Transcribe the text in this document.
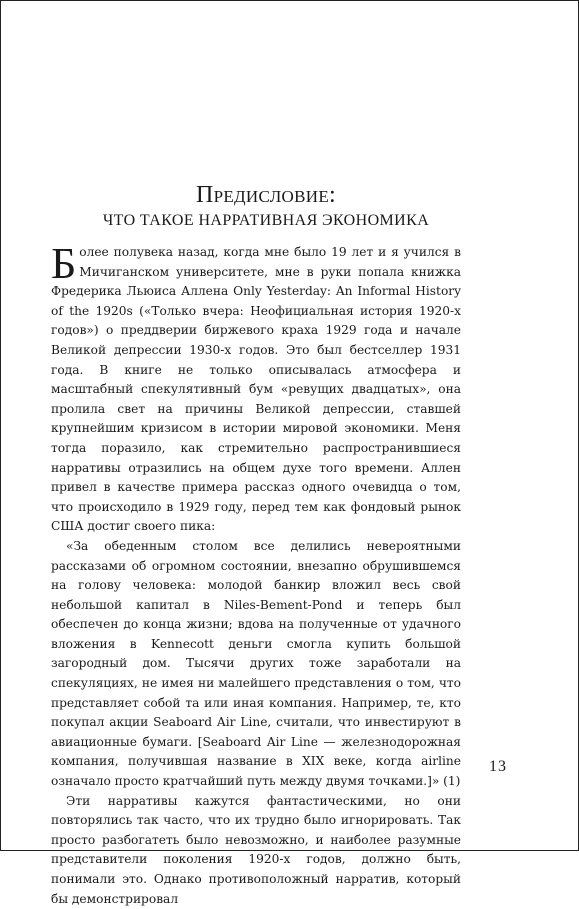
Предисловие:
ЧТО ТАКОЕ НАРРАТИВНАЯ ЭКОНОМИКА

Более полувека назад, когда мне было 19 лет и я учился в Мичиганском университете, мне в руки попала книжка Фредерика Льюиса Аллена Only Yesterday: An Informal History of the 1920s («Только вчера: Неофициальная история 1920-х годов») о преддверии биржевого краха 1929 года и начале Великой депрессии 1930-х годов. Это был бестселлер 1931 года. В книге не только описывалась атмосфера и масштабный спекулятивный бум «ревущих двадцатых», она пролила свет на причины Великой депрессии, ставшей крупнейшим кризисом в истории мировой экономики. Меня тогда поразило, как стремительно распространившиеся нарративы отразились на общем духе того времени. Аллен привел в качестве примера рассказ одного очевидца о том, что происходило в 1929 году, перед тем как фондовый рынок США достиг своего пика:

«За обеденным столом все делились невероятными рассказами об огромном состоянии, внезапно обрушившемся на голову человека: молодой банкир вложил весь свой небольшой капитал в Niles-Bement-Pond и теперь был обеспечен до конца жизни; вдова на полученные от удачного вложения в Kennecott деньги смогла купить большой загородный дом. Тысячи других тоже заработали на спекуляциях, не имея ни малейшего представления о том, что представляет собой та или иная компания. Например, те, кто покупал акции Seaboard Air Line, считали, что инвестируют в авиационные бумаги. [Seaboard Air Line — железнодорожная компания, получившая название в XIX веке, когда airline означало просто кратчайший путь между двумя точками.]» (1)

Эти нарративы кажутся фантастическими, но они повторялись так часто, что их трудно было игнорировать. Так просто разбогатеть было невозможно, и наиболее разумные представители поколения 1920-х годов, должно быть, понимали это. Однако противоположный нарратив, который бы демонстрировал

13
